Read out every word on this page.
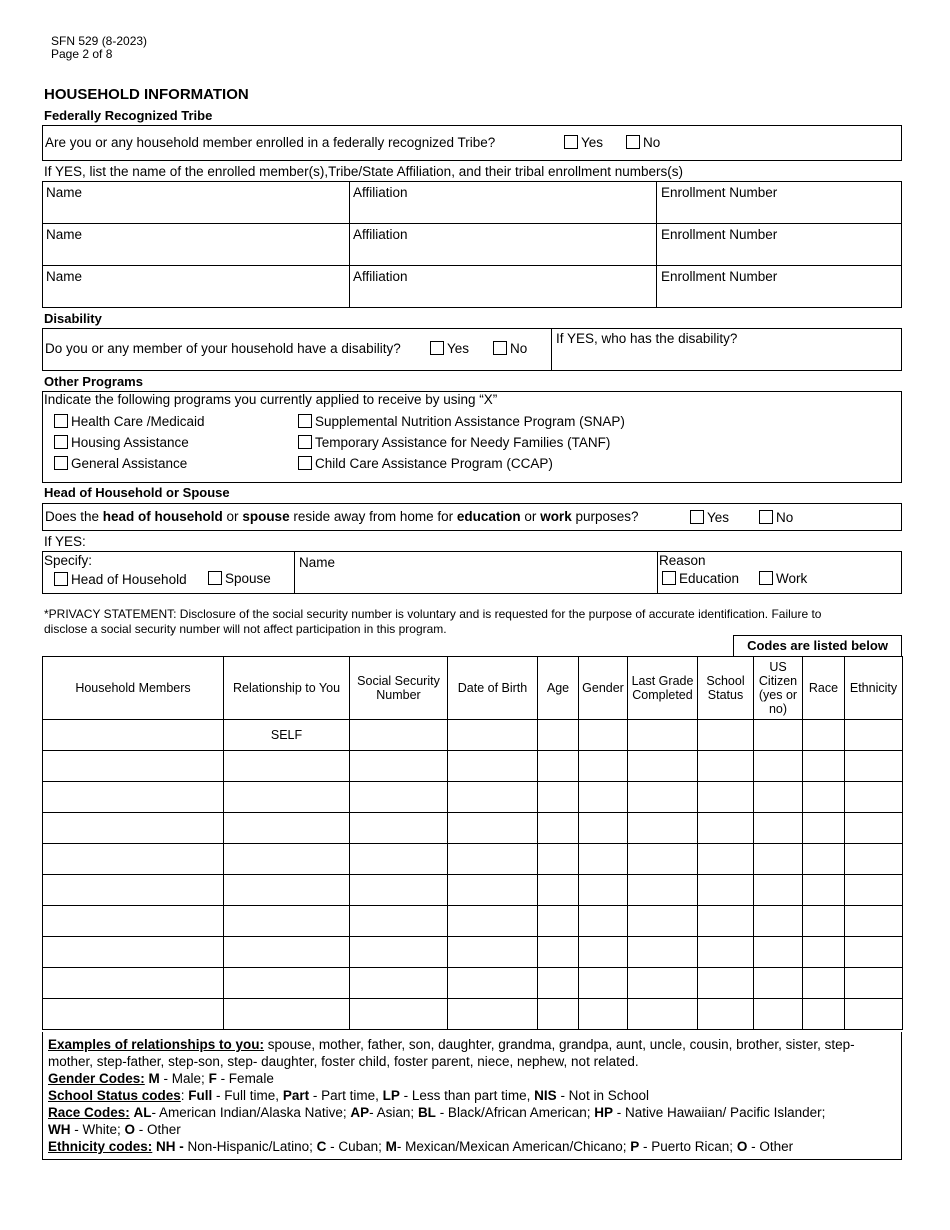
SFN 529 (8-2023)
Page 2 of 8
HOUSEHOLD INFORMATION
Federally Recognized Tribe
Are you or any household member enrolled in a federally recognized Tribe?	Yes	No
If YES, list the name of the enrolled member(s),Tribe/State Affiliation, and their tribal enrollment numbers(s)
Name	Affiliation	Enrollment Number
Name	Affiliation	Enrollment Number
Name	Affiliation	Enrollment Number
Disability
Do you or any member of your household have a disability?	Yes	No
If YES, who has the disability?
Other Programs
Indicate the following programs you currently applied to receive by using “X”
Health Care /Medicaid
Housing Assistance
General Assistance
Supplemental Nutrition Assistance Program (SNAP)
Temporary Assistance for Needy Families (TANF)
Child Care Assistance Program (CCAP)
Head of Household or Spouse
Does the head of household or spouse reside away from home for education or work purposes?	Yes	No
If YES:
Specify:
Head of Household	Spouse
Name	Reason
Education	Work
*PRIVACY STATEMENT: Disclosure of the social security number is voluntary and is requested for the purpose of accurate identification. Failure to disclose a social security number will not affect participation in this program.
Codes are listed below
Household Members	Relationship to You	Social Security Number	Date of Birth	Age	Gender	Last Grade Completed	School Status	US Citizen (yes or no)	Race	Ethnicity
	SELF									

Examples of relationships to you: spouse, mother, father, son, daughter, grandma, grandpa, aunt, uncle, cousin, brother, sister, step-mother, step-father, step-son, step- daughter, foster child, foster parent, niece, nephew, not related.
Gender Codes: M - Male; F - Female
School Status codes: Full - Full time, Part - Part time, LP - Less than part time, NIS - Not in School
Race Codes: AL- American Indian/Alaska Native; AP- Asian; BL - Black/African American; HP - Native Hawaiian/ Pacific Islander;
WH - White; O - Other
Ethnicity codes: NH - Non-Hispanic/Latino; C - Cuban; M- Mexican/Mexican American/Chicano; P - Puerto Rican; O - Other
